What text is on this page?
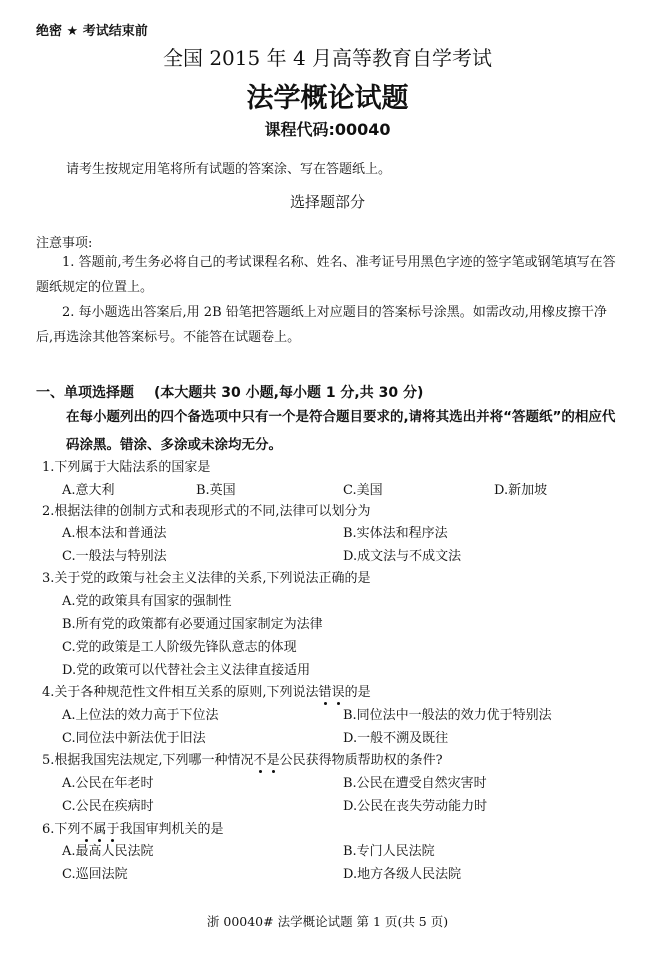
绝密 ★ 考试结束前
全国 2015 年 4 月高等教育自学考试
法学概论试题
课程代码:00040
请考生按规定用笔将所有试题的答案涂、写在答题纸上。
选择题部分
注意事项:
1. 答题前,考生务必将自己的考试课程名称、姓名、准考证号用黑色字迹的签字笔或钢笔填写在答题纸规定的位置上。
2. 每小题选出答案后,用 2B 铅笔把答题纸上对应题目的答案标号涂黑。如需改动,用橡皮擦干净后,再选涂其他答案标号。不能答在试题卷上。
一、单项选择题 (本大题共 30 小题,每小题 1 分,共 30 分)
在每小题列出的四个备选项中只有一个是符合题目要求的,请将其选出并将“答题纸”的相应代码涂黑。错涂、多涂或未涂均无分。
1.下列属于大陆法系的国家是
A.意大利	B.英国	C.美国	D.新加坡
2.根据法律的创制方式和表现形式的不同,法律可以划分为
A.根本法和普通法	B.实体法和程序法
C.一般法与特别法	D.成文法与不成文法
3.关于党的政策与社会主义法律的关系,下列说法正确的是
A.党的政策具有国家的强制性
B.所有党的政策都有必要通过国家制定为法律
C.党的政策是工人阶级先锋队意志的体现
D.党的政策可以代替社会主义法律直接适用
4.关于各种规范性文件相互关系的原则,下列说法错误的是
A.上位法的效力高于下位法	B.同位法中一般法的效力优于特别法
C.同位法中新法优于旧法	D.一般不溯及既往
5.根据我国宪法规定,下列哪一种情况不是公民获得物质帮助权的条件?
A.公民在年老时	B.公民在遭受自然灾害时
C.公民在疾病时	D.公民在丧失劳动能力时
6.下列不属于我国审判机关的是
A.最高人民法院	B.专门人民法院
C.巡回法院	D.地方各级人民法院
浙 00040# 法学概论试题 第 1 页(共 5 页)
